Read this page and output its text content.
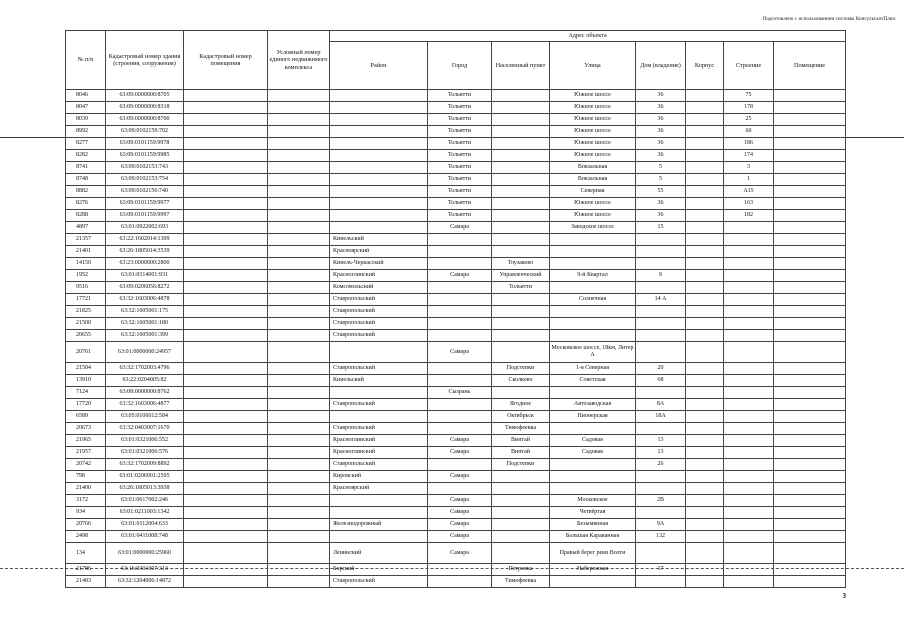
Подготовлено с использованием системы КонсультантПлюс
№ п/п	Кадастровый номер здания (строения, сооружения)	Кадастровый номер помещения	Условный номер единого недвижимого комплекса	Адрес объекта							
				Район	Город	Населенный пункт	Улица	Дом (владение)	Корпус	Строение	Помещение
8046	63:09:0000000:8705				Тольятти		Южное шоссе	36		75	
8047	63:09:0000000:8318				Тольятти		Южное шоссе	36		178	
8039	63:09:0000000:8700				Тольятти		Южное шоссе	36		25	
8992	63:09:0102159:702				Тольятти		Южное шоссе	36		60	
8277	63:09:0101159:9978				Тольятти		Южное шоссе	36		186	
8282	63:09:0101159:9985				Тольятти		Южное шоссе	36		174	
8741	63:09:0102153:743				Тольятти		Вокзальная	5		3	
8748	63:09:0102153:754				Тольятти		Вокзальная	5		1	
8882	63:09:0102156:740				Тольятти		Северная	55		А15	
8276	63:09:0101159:9977				Тольятти		Южное шоссе	36		163	
8288	63:09:0101159:9997				Тольятти		Южное шоссе	36		182	
4897	63:01:0922002:693				Самара		Заводское шоссе	15			
21357	63:22:1602014:1309			Кинельский							
21401	63:26:1805014:3539			Красноярский							
14150	63:23:0000000:2800			Кинель-Черкасский		Тоузаково					
1952	63:01:0314001:931			Красноглинский	Самара	Управленческий	9-й Квартал	9			
9516	63:09:0206056:8272			Комсомольский		Тольятти					
17721	63:32:1603006:4878			Ставропольский			Солнечная	14 А			
21825	63:32:1605001:175			Ставропольский							
21500	63:32:1605001:180			Ставропольский							
20655	63:32:1605001:399			Ставропольский							
20761	63:01:0000000:24957				Самара		Московское шоссе, 18км, Литер А				
21504	63:32:1702003:4796			Ставропольский		Подстепки	1-я Северная	20			
13910	63:22:0204005:82			Кинельский		Сколково	Советская	68			
7124	63:08:0000000:8762				Сызрань						
17720	63:32:1603006:4877			Ставропольский		Ягодное	Автозаводская	8А			
6589	63:05:0106012:584					Октябрьск	Пионерская	18А			
20673	63:32:0403007:1670			Ставропольский		Тимофеевка					
21965	63:01:0321006:552			Красноглинский	Самара	Винтай	Садовая	13			
21957	63:01:0321006:576			Красноглинский	Самара	Винтай	Садовая	13			
20742	63:32:1702009:8892			Ставропольский		Подстепки		26			
798	63:01:0206001:2595			Кировский	Самара						
21400	63:26:1805013:3938			Красноярский							
3172	63:01:0617002:246				Самара		Московское	2В			
934	63:01:0211003:1342				Самара		Четвёртая				
20766	63:01:0112004:633			Железнодорожный	Самара		Безымянная	9А			
2498	63:01:0411008:748				Самара		Большая Караванная	132			
134	63:01:0000000:25960			Ленинский	Самара		Правый берег реки Волги				
21786	63:16:0301007:313			Борский		Петровка	Набережная	17			
21483	63:32:1204006:14872			Ставропольский		Тимофеевка					
3
